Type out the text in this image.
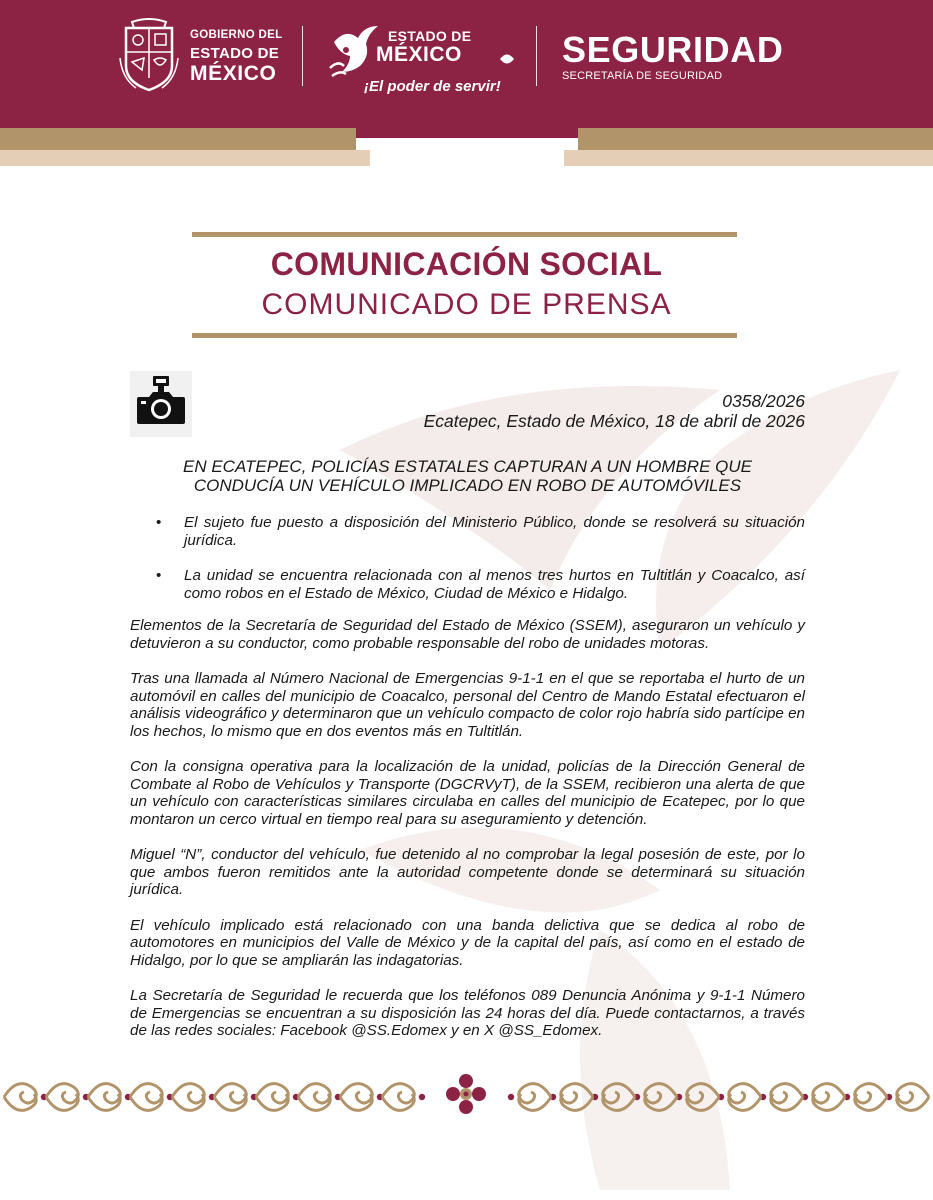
GOBIERNO DEL
ESTADO DE
MÉXICO
ESTADO DE
MÉXICO
¡El poder de servir!
SEGURIDAD
SECRETARÍA DE SEGURIDAD
COMUNICACIÓN SOCIAL
COMUNICADO DE PRENSA
0358/2026
Ecatepec, Estado de México, 18 de abril de 2026
EN ECATEPEC, POLICÍAS ESTATALES CAPTURAN A UN HOMBRE QUE
CONDUCÍA UN VEHÍCULO IMPLICADO EN ROBO DE AUTOMÓVILES
• El sujeto fue puesto a disposición del Ministerio Público, donde se resolverá su situación jurídica.
• La unidad se encuentra relacionada con al menos tres hurtos en Tultitlán y Coacalco, así como robos en el Estado de México, Ciudad de México e Hidalgo.

Elementos de la Secretaría de Seguridad del Estado de México (SSEM), aseguraron un vehículo y detuvieron a su conductor, como probable responsable del robo de unidades motoras.

Tras una llamada al Número Nacional de Emergencias 9-1-1 en el que se reportaba el hurto de un automóvil en calles del municipio de Coacalco, personal del Centro de Mando Estatal efectuaron el análisis videográfico y determinaron que un vehículo compacto de color rojo habría sido partícipe en los hechos, lo mismo que en dos eventos más en Tultitlán.

Con la consigna operativa para la localización de la unidad, policías de la Dirección General de Combate al Robo de Vehículos y Transporte (DGCRVyT), de la SSEM, recibieron una alerta de que un vehículo con características similares circulaba en calles del municipio de Ecatepec, por lo que montaron un cerco virtual en tiempo real para su aseguramiento y detención.

Miguel “N”, conductor del vehículo, fue detenido al no comprobar la legal posesión de este, por lo que ambos fueron remitidos ante la autoridad competente donde se determinará su situación jurídica.

El vehículo implicado está relacionado con una banda delictiva que se dedica al robo de automotores en municipios del Valle de México y de la capital del país, así como en el estado de Hidalgo, por lo que se ampliarán las indagatorias.

La Secretaría de Seguridad le recuerda que los teléfonos 089 Denuncia Anónima y 9-1-1 Número de Emergencias se encuentran a su disposición las 24 horas del día. Puede contactarnos, a través de las redes sociales: Facebook @SS.Edomex y en X @SS_Edomex.
